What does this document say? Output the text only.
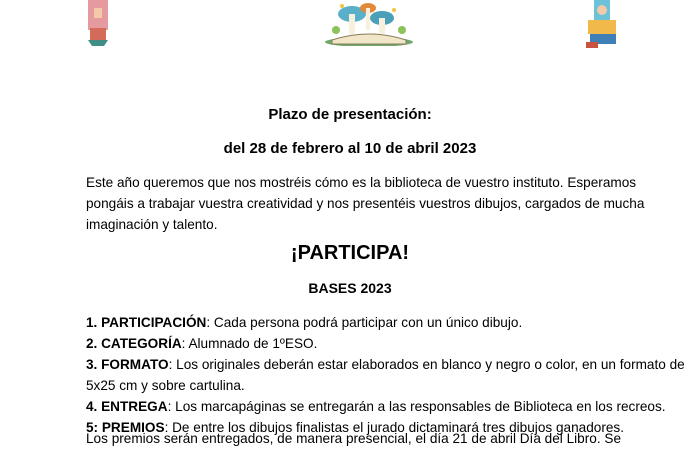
Plazo de presentación:
del 28 de febrero al 10 de abril 2023

Este año queremos que nos mostréis cómo es la biblioteca de vuestro instituto. Esperamos pongáis a trabajar vuestra creatividad y nos presentéis vuestros dibujos, cargados de mucha imaginación y talento.

¡PARTICIPA!
BASES 2023
1. PARTICIPACIÓN: Cada persona podrá participar con un único dibujo.
2. CATEGORÍA: Alumnado de 1ºESO.
3. FORMATO: Los originales deberán estar elaborados en blanco y negro o color, en un formato de 5x25 cm y sobre cartulina.
4. ENTREGA: Los marcapáginas se entregarán a las responsables de Biblioteca en los recreos.
5: PREMIOS: De entre los dibujos finalistas el jurado dictaminará tres dibujos ganadores.
Los premios serán entregados, de manera presencial, el día 21 de abril Día del Libro. Se
